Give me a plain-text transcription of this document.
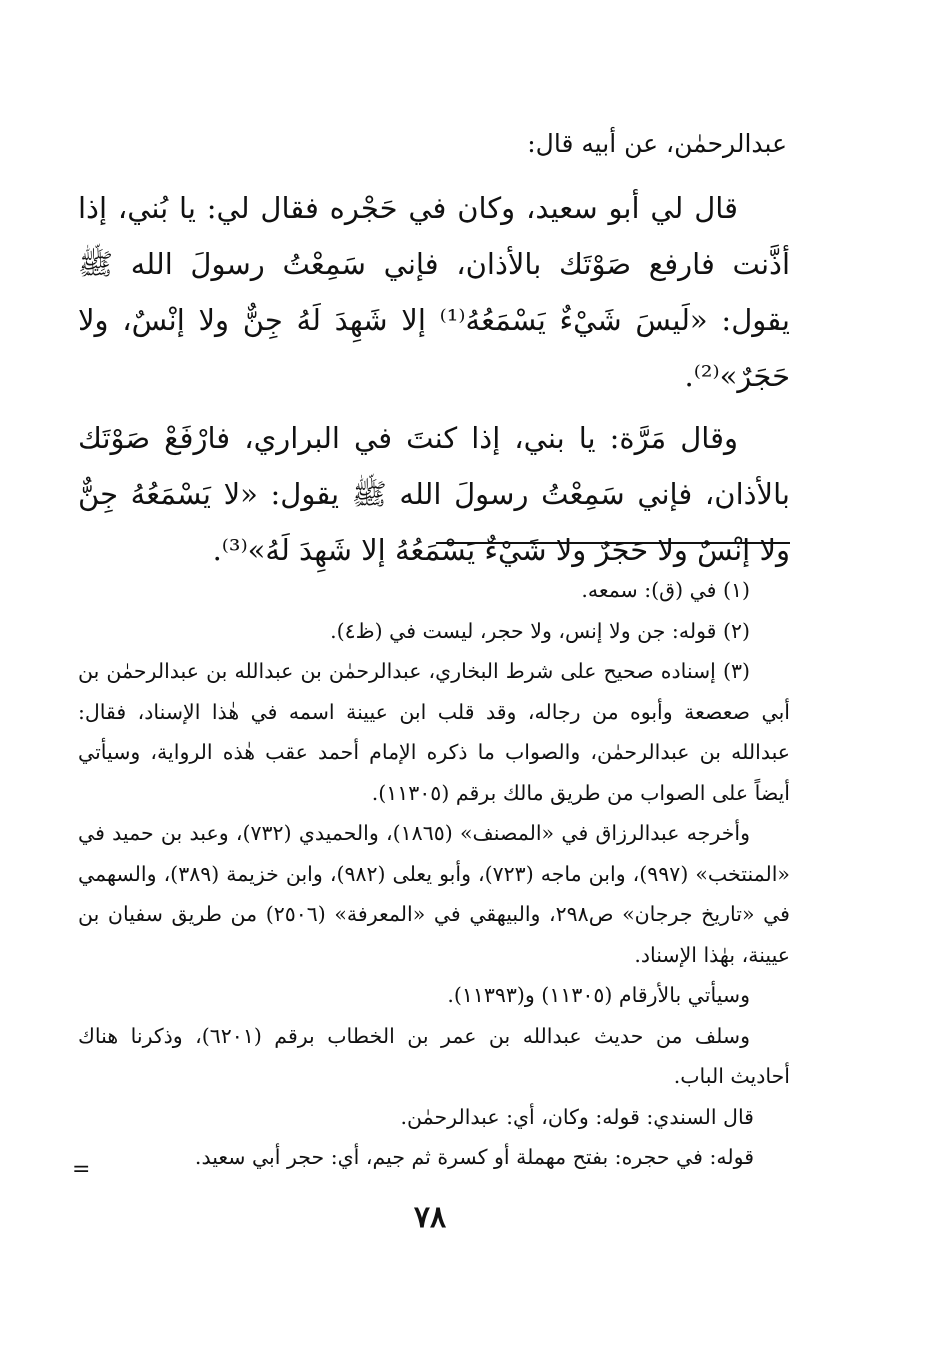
عبدالرحمٰن، عن أبيه قال:

قال لي أبو سعيد، وكان في حَجْره فقال لي: يا بُني، إذا أذَّنت فارفع صَوْتَك بالأذان، فإني سَمِعْتُ رسولَ الله ﷺ يقول: «لَيسَ شَيْءٌ يَسْمَعُهُ⁽¹⁾ إلا شَهِدَ لَهُ جِنٌّ ولا إنْسٌ، ولا حَجَرٌ»⁽²⁾.

وقال مَرَّة: يا بني، إذا كنتَ في البراري، فارْفَعْ صَوْتَك بالأذان، فإني سَمِعْتُ رسولَ الله ﷺ يقول: «لا يَسْمَعُهُ جِنٌّ ولا إنْسٌ ولا حَجَرٌ ولا شَيْءٌ يَسْمَعُهُ إلا شَهِدَ لَهُ»⁽³⁾.

(١) في (ق): سمعه.

(٢) قوله: جن ولا إنس، ولا حجر، ليست في (ظ٤).

(٣) إسناده صحيح على شرط البخاري، عبدالرحمٰن بن عبدالله بن عبدالرحمٰن بن أبي صعصعة وأبوه من رجاله، وقد قلب ابن عيينة اسمه في هٰذا الإسناد، فقال: عبدالله بن عبدالرحمٰن، والصواب ما ذكره الإمام أحمد عقب هٰذه الرواية، وسيأتي أيضاً على الصواب من طريق مالك برقم (١١٣٠٥).

وأخرجه عبدالرزاق في «المصنف» (١٨٦٥)، والحميدي (٧٣٢)، وعبد بن حميد في «المنتخب» (٩٩٧)، وابن ماجه (٧٢٣)، وأبو يعلى (٩٨٢)، وابن خزيمة (٣٨٩)، والسهمي في «تاريخ جرجان» ص٢٩٨، والبيهقي في «المعرفة» (٢٥٠٦) من طريق سفيان بن عيينة، بهٰذا الإسناد.

وسيأتي بالأرقام (١١٣٠٥) و(١١٣٩٣).

وسلف من حديث عبدالله بن عمر بن الخطاب برقم (٦٢٠١)، وذكرنا هناك أحاديث الباب.

قال السندي: قوله: وكان، أي: عبدالرحمٰن.

قوله: في حجره: بفتح مهملة أو كسرة ثم جيم، أي: حجر أبي سعيد.

=
٧٨
